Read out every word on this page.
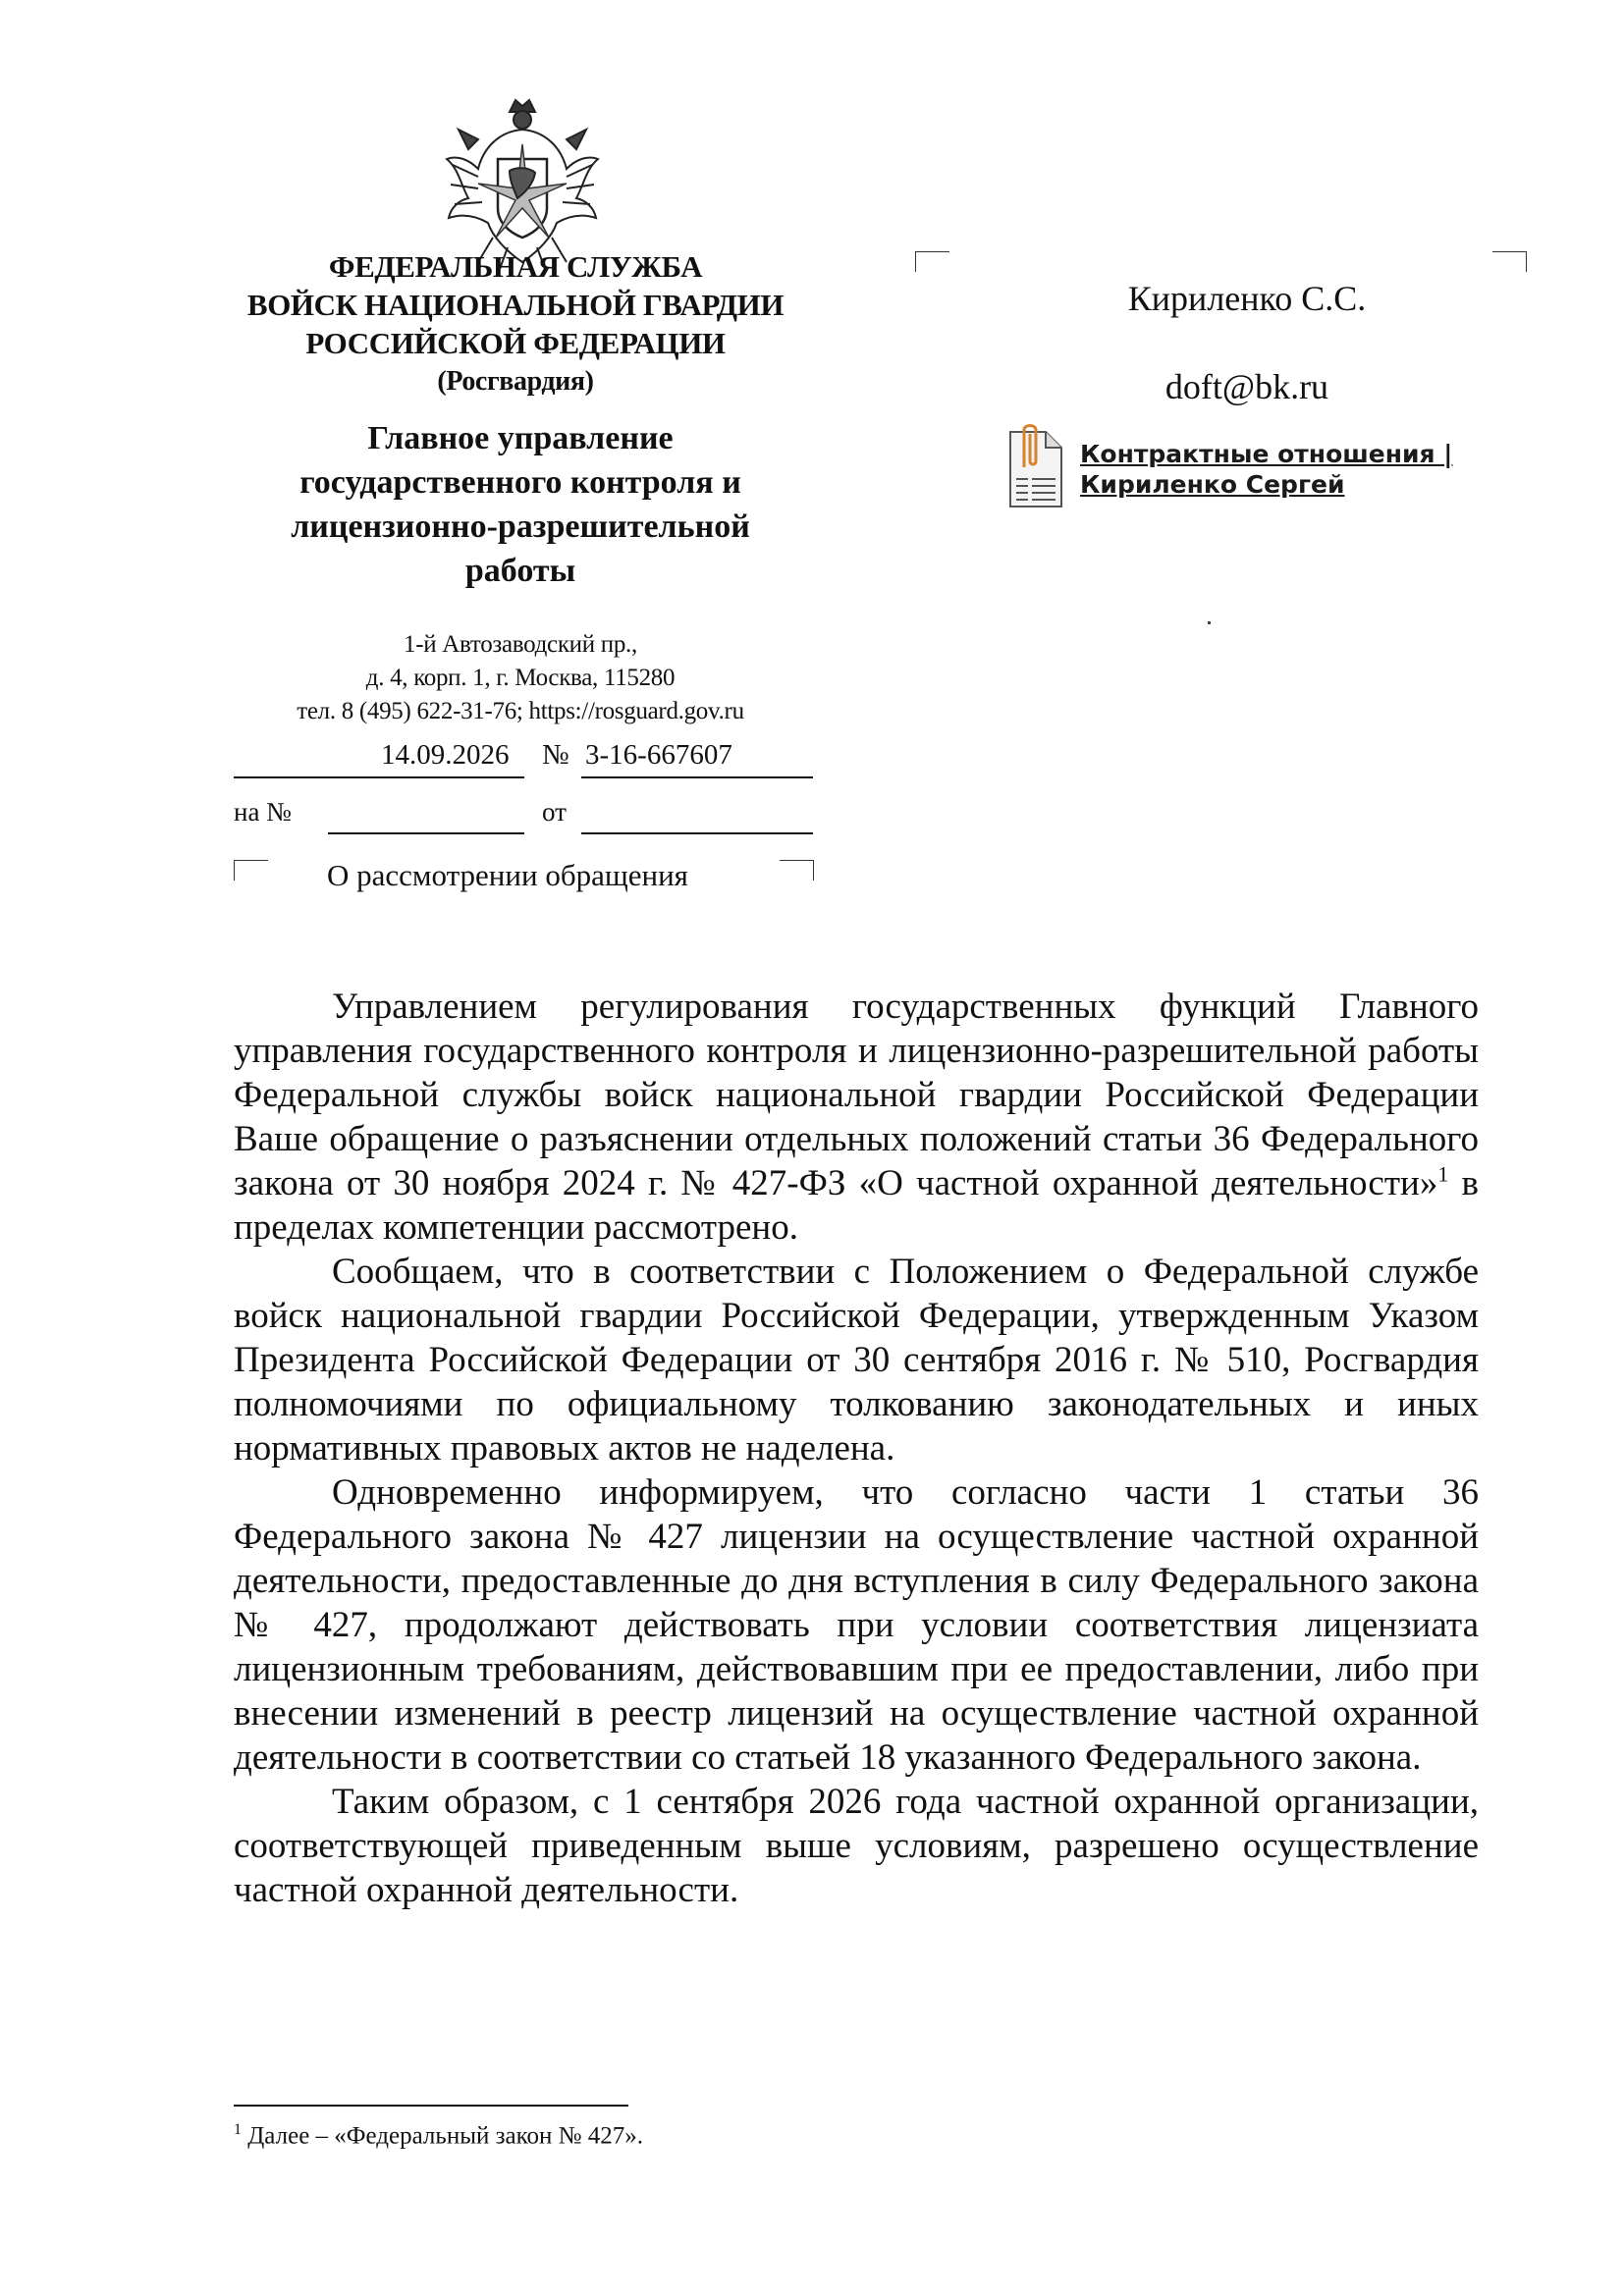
ФЕДЕРАЛЬНАЯ СЛУЖБА
ВОЙСК НАЦИОНАЛЬНОЙ ГВАРДИИ
РОССИЙСКОЙ ФЕДЕРАЦИИ
(Росгвардия)
Главное управление
государственного контроля и
лицензионно-разрешительной
работы
1-й Автозаводский пр.,
д. 4, корп. 1, г. Москва, 115280
тел. 8 (495) 622-31-76; https://rosguard.gov.ru
14.09.2026 № 3-16-667607
на №	от
О рассмотрении обращения
Кириленко С.С.
doft@bk.ru
Контрактные отношения |
Кириленко Сергей

Управлением регулирования государственных функций Главного управления государственного контроля и лицензионно-разрешительной работы Федеральной службы войск национальной гвардии Российской Федерации Ваше обращение о разъяснении отдельных положений статьи 36 Федерального закона от 30 ноября 2024 г. № 427-ФЗ «О частной охранной деятельности»$^1$ в пределах компетенции рассмотрено.

Сообщаем, что в соответствии с Положением о Федеральной службе войск национальной гвардии Российской Федерации, утвержденным Указом Президента Российской Федерации от 30 сентября 2016 г. № 510, Росгвардия полномочиями по официальному толкованию законодательных и иных нормативных правовых актов не наделена.

Одновременно информируем, что согласно части 1 статьи 36 Федерального закона № 427 лицензии на осуществление частной охранной деятельности, предоставленные до дня вступления в силу Федерального закона № 427, продолжают действовать при условии соответствия лицензиата лицензионным требованиям, действовавшим при ее предоставлении, либо при внесении изменений в реестр лицензий на осуществление частной охранной деятельности в соответствии со статьей 18 указанного Федерального закона.

Таким образом, с 1 сентября 2026 года частной охранной организации, соответствующей приведенным выше условиям, разрешено осуществление частной охранной деятельности.

$^1$ Далее – «Федеральный закон № 427».
